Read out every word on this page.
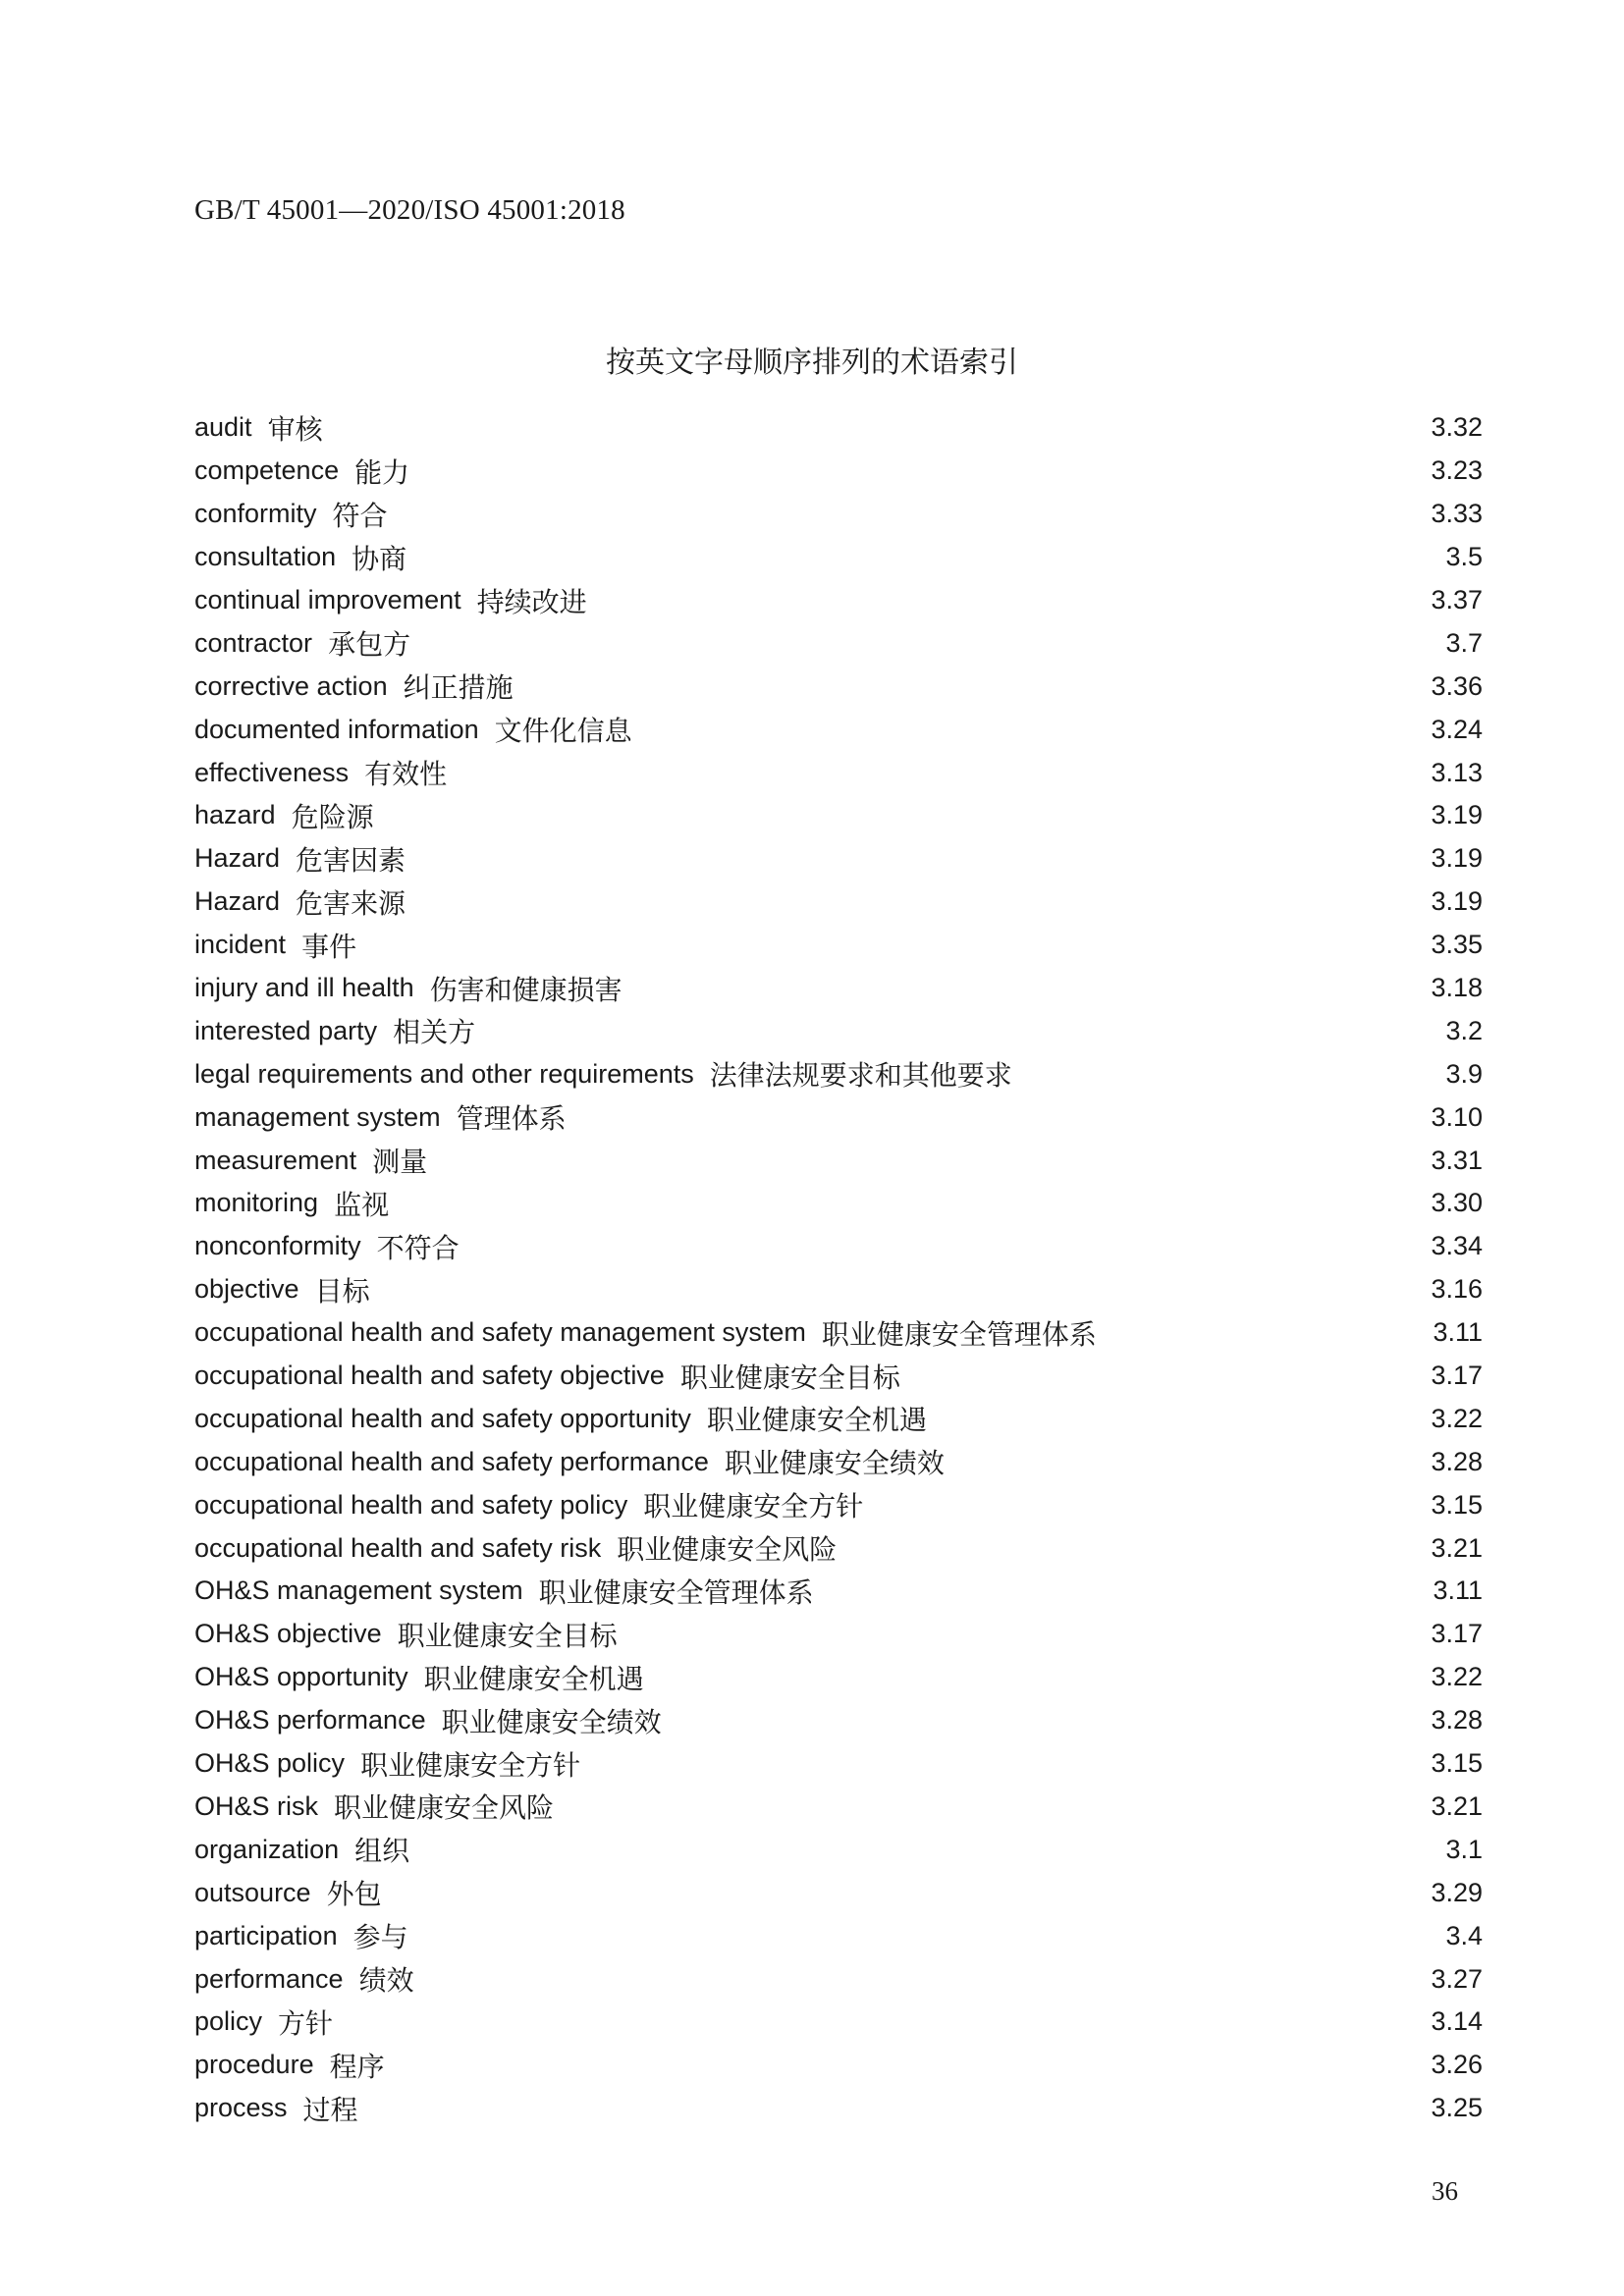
GB/T 45001—2020/ISO 45001:2018
按英文字母顺序排列的术语索引
audit 审核	3.32
competence 能力	3.23
conformity 符合	3.33
consultation 协商	3.5
continual improvement 持续改进	3.37
contractor 承包方	3.7
corrective action 纠正措施	3.36
documented information 文件化信息	3.24
effectiveness 有效性	3.13
hazard 危险源	3.19
Hazard 危害因素	3.19
Hazard 危害来源	3.19
incident 事件	3.35
injury and ill health 伤害和健康损害	3.18
interested party 相关方	3.2
legal requirements and other requirements 法律法规要求和其他要求	3.9
management system 管理体系	3.10
measurement 测量	3.31
monitoring 监视	3.30
nonconformity 不符合	3.34
objective 目标	3.16
occupational health and safety management system 职业健康安全管理体系	3.11
occupational health and safety objective 职业健康安全目标	3.17
occupational health and safety opportunity 职业健康安全机遇	3.22
occupational health and safety performance 职业健康安全绩效	3.28
occupational health and safety policy 职业健康安全方针	3.15
occupational health and safety risk 职业健康安全风险	3.21
OH&S management system 职业健康安全管理体系	3.11
OH&S objective 职业健康安全目标	3.17
OH&S opportunity 职业健康安全机遇	3.22
OH&S performance 职业健康安全绩效	3.28
OH&S policy 职业健康安全方针	3.15
OH&S risk 职业健康安全风险	3.21
organization 组织	3.1
outsource 外包	3.29
participation 参与	3.4
performance 绩效	3.27
policy 方针	3.14
procedure 程序	3.26
process 过程	3.25
36
